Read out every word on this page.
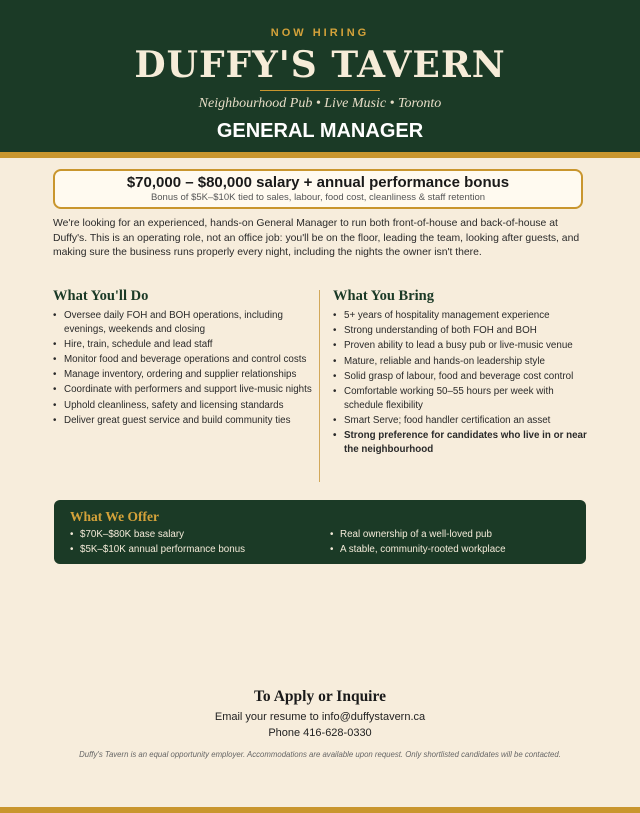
NOW HIRING
DUFFY'S TAVERN
Neighbourhood Pub • Live Music • Toronto
GENERAL MANAGER
$70,000 – $80,000 salary + annual performance bonus
Bonus of $5K–$10K tied to sales, labour, food cost, cleanliness & staff retention
We're looking for an experienced, hands-on General Manager to run both front-of-house and back-of-house at Duffy's. This is an operating role, not an office job: you'll be on the floor, leading the team, looking after guests, and making sure the business runs properly every night, including the nights the owner isn't there.
What You'll Do
• Oversee daily FOH and BOH operations, including evenings, weekends and closing
• Hire, train, schedule and lead staff
• Monitor food and beverage operations and control costs
• Manage inventory, ordering and supplier relationships
• Coordinate with performers and support live-music nights
• Uphold cleanliness, safety and licensing standards
• Deliver great guest service and build community ties
What You Bring
• 5+ years of hospitality management experience
• Strong understanding of both FOH and BOH
• Proven ability to lead a busy pub or live-music venue
• Mature, reliable and hands-on leadership style
• Solid grasp of labour, food and beverage cost control
• Comfortable working 50–55 hours per week with schedule flexibility
• Smart Serve; food handler certification an asset
• Strong preference for candidates who live in or near the neighbourhood
What We Offer
• $70K–$80K base salary
• $5K–$10K annual performance bonus
• Real ownership of a well-loved pub
• A stable, community-rooted workplace
To Apply or Inquire
Email your resume to info@duffystavern.ca
Phone 416-628-0330
Duffy's Tavern is an equal opportunity employer. Accommodations are available upon request. Only shortlisted candidates will be contacted.
